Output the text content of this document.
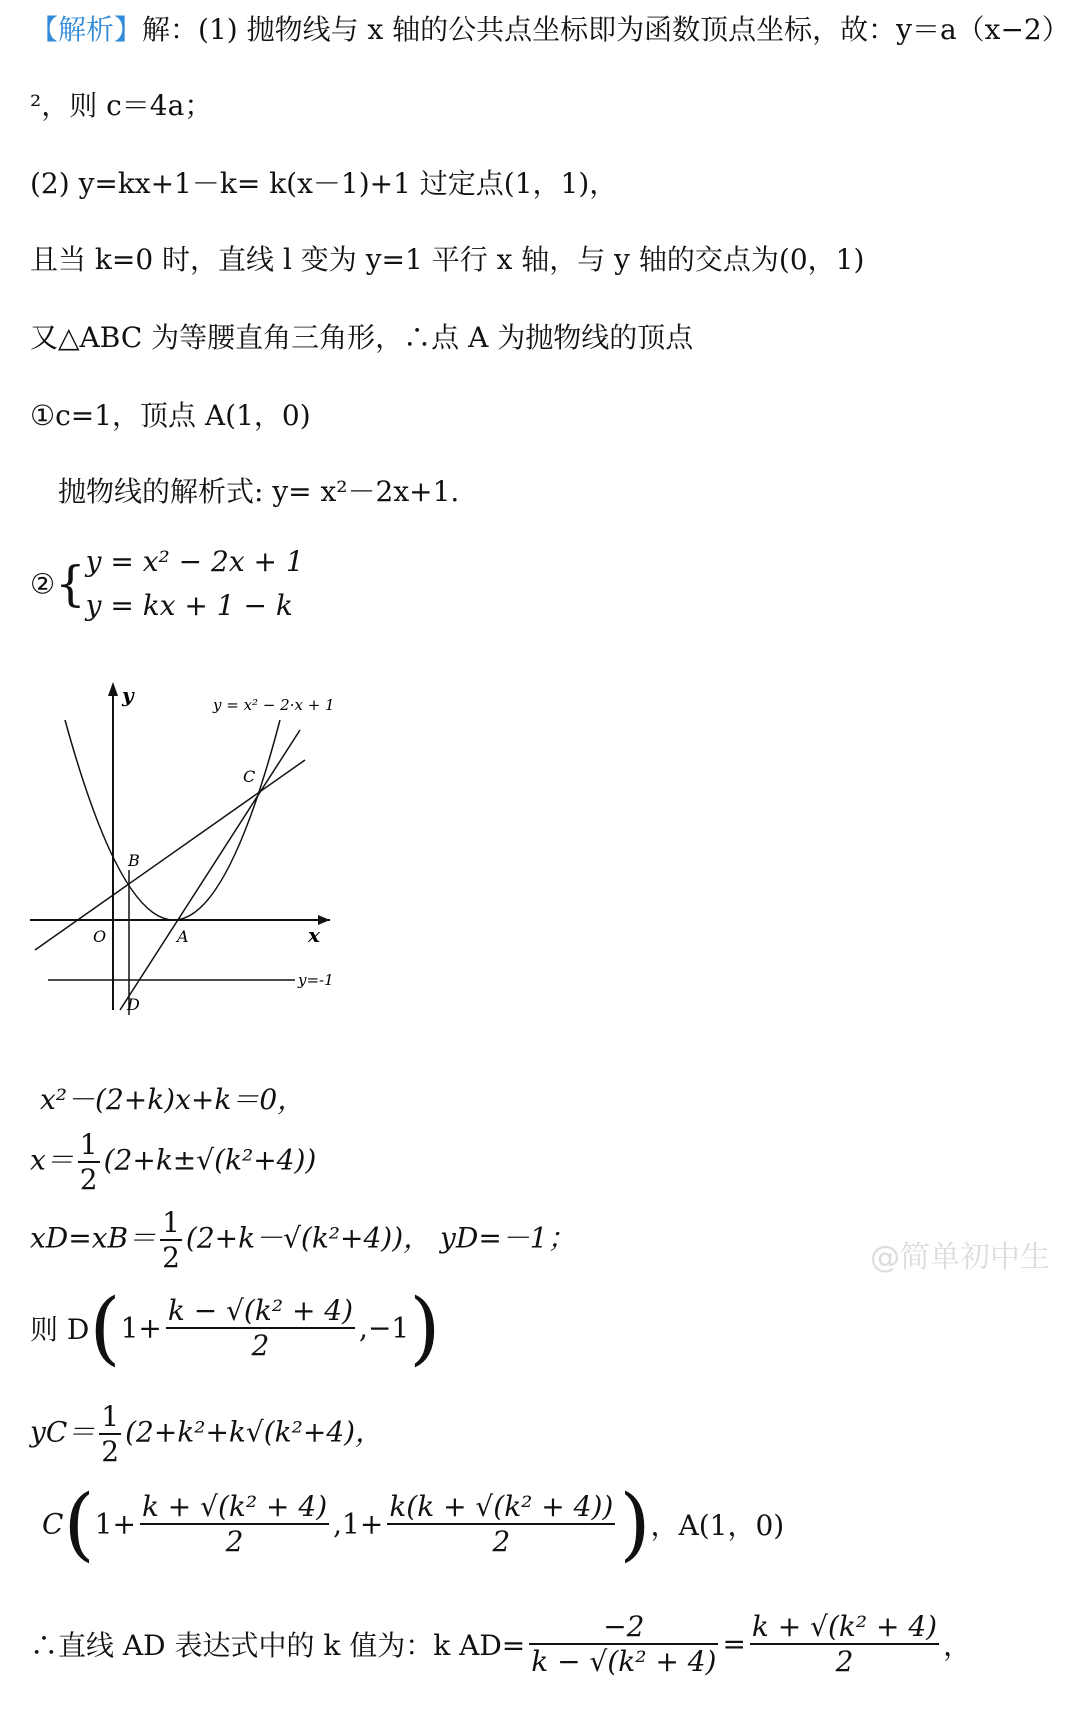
【解析】解：(1) 抛物线与 x 轴的公共点坐标即为函数顶点坐标，故：y＝a（x−2）
²，则 c＝4a；
(2) y=kx+1－k= k(x－1)+1 过定点(1，1)，
且当 k=0 时，直线 l 变为 y=1 平行 x 轴，与 y 轴的交点为(0，1)
又△ABC 为等腰直角三角形，∴点 A 为抛物线的顶点
①c=1，顶点 A(1，0)
抛物线的解析式: y= x²－2x+1.
②{ y = x² − 2x + 1
y = kx + 1 − k
y
x
y = x² − 2·x + 1
O	A
B
C
D
y=-1
x²－(2+k)x+k＝0，
$x= \frac{1}{2} (2+k\pm√(k^2+4))$
$xD=xB= \frac{1}{2} (2+k-√(k^2+4))$， yD=－1；
则 $D(1+ \frac{\text{k − √(k² + 4)}}{2} ,-1)$
$yC= \frac{1}{2} (2+k^2+k√(k^2+4)$，
$C(1+ \frac{\text{k + √(k² + 4)}}{2} ,1+ \frac{\text{k(k + √(k² + 4))}}{2}$ )，A(1，0)
∴直线 AD 表达式中的 k 值为：k $AD= \frac{-2}{\text{k − √(k² + 4)}} = \frac{\text{k + √(k² + 4)}}{2}$ ，
@简单初中生
